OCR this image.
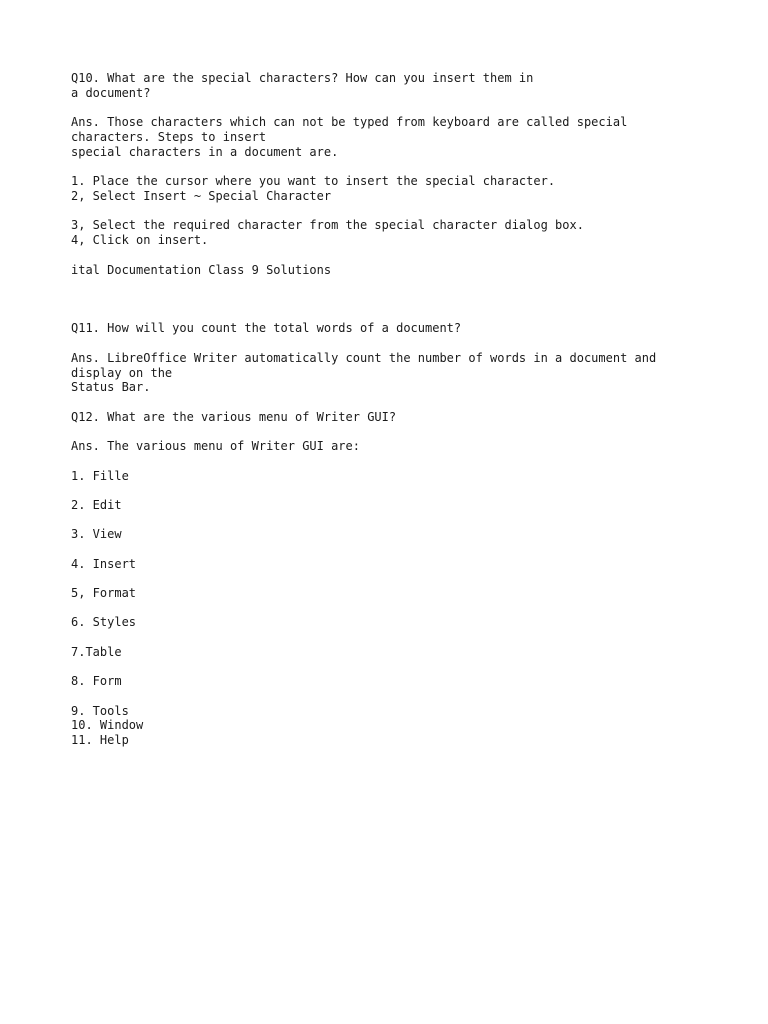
Q10. What are the special characters? How can you insert them in
a document?
Ans. Those characters which can not be typed from keyboard are called special
characters. Steps to insert
special characters in a document are.
1. Place the cursor where you want to insert the special character.
2, Select Insert ~ Special Character
3, Select the required character from the special character dialog box.
4, Click on insert.
ital Documentation Class 9 Solutions
Q11. How will you count the total words of a document?
Ans. LibreOffice Writer automatically count the number of words in a document and
display on the
Status Bar.
Q12. What are the various menu of Writer GUI?
Ans. The various menu of Writer GUI are:
1. Fille
2. Edit
3. View
4. Insert
5, Format
6. Styles
7.Table
8. Form
9. Tools
10. Window
11. Help
